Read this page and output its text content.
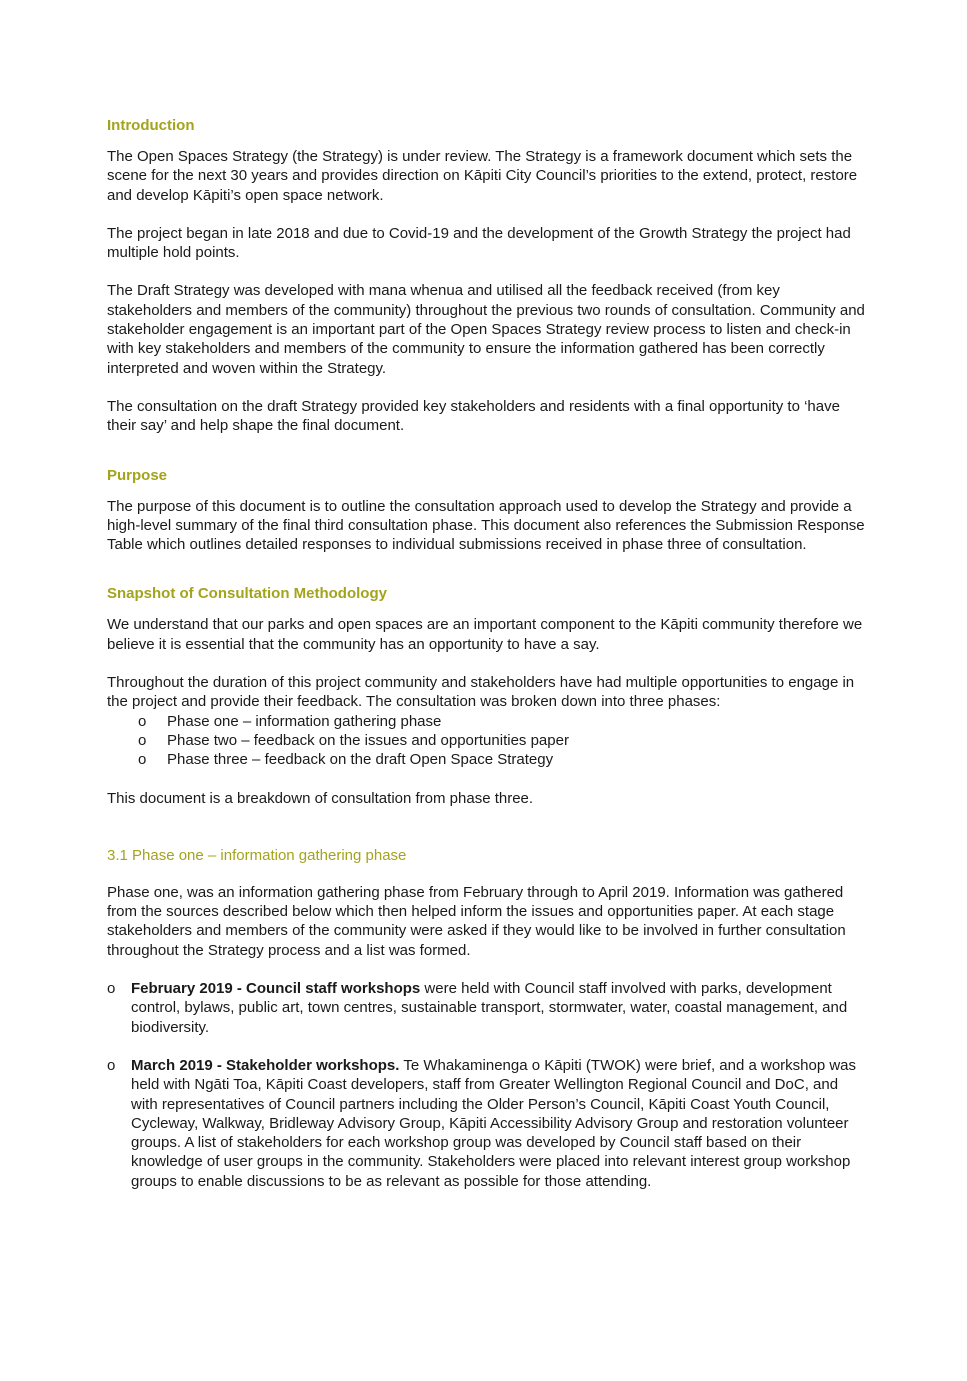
Introduction

The Open Spaces Strategy (the Strategy) is under review. The Strategy is a framework document which sets the scene for the next 30 years and provides direction on Kāpiti City Council’s priorities to the extend, protect, restore and develop Kāpiti’s open space network.

The project began in late 2018 and due to Covid-19 and the development of the Growth Strategy the project had multiple hold points.

The Draft Strategy was developed with mana whenua and utilised all the feedback received (from key stakeholders and members of the community) throughout the previous two rounds of consultation. Community and stakeholder engagement is an important part of the Open Spaces Strategy review process to listen and check-in with key stakeholders and members of the community to ensure the information gathered has been correctly interpreted and woven within the Strategy.

The consultation on the draft Strategy provided key stakeholders and residents with a final opportunity to ‘have their say’ and help shape the final document.

Purpose

The purpose of this document is to outline the consultation approach used to develop the Strategy and provide a high-level summary of the final third consultation phase. This document also references the Submission Response Table which outlines detailed responses to individual submissions received in phase three of consultation.

Snapshot of Consultation Methodology

We understand that our parks and open spaces are an important component to the Kāpiti community therefore we believe it is essential that the community has an opportunity to have a say.

Throughout the duration of this project community and stakeholders have had multiple opportunities to engage in the project and provide their feedback. The consultation was broken down into three phases:

o Phase one – information gathering phase
o Phase two – feedback on the issues and opportunities paper
o Phase three – feedback on the draft Open Space Strategy

This document is a breakdown of consultation from phase three.

3.1 Phase one – information gathering phase

Phase one, was an information gathering phase from February through to April 2019. Information was gathered from the sources described below which then helped inform the issues and opportunities paper. At each stage stakeholders and members of the community were asked if they would like to be involved in further consultation throughout the Strategy process and a list was formed.

o February 2019 - Council staff workshops were held with Council staff involved with parks, development control, bylaws, public art, town centres, sustainable transport, stormwater, water, coastal management, and biodiversity.
o March 2019 - Stakeholder workshops. Te Whakaminenga o Kāpiti (TWOK) were brief, and a workshop was held with Ngāti Toa, Kāpiti Coast developers, staff from Greater Wellington Regional Council and DoC, and with representatives of Council partners including the Older Person’s Council, Kāpiti Coast Youth Council, Cycleway, Walkway, Bridleway Advisory Group, Kāpiti Accessibility Advisory Group and restoration volunteer groups. A list of stakeholders for each workshop group was developed by Council staff based on their knowledge of user groups in the community. Stakeholders were placed into relevant interest group workshop groups to enable discussions to be as relevant as possible for those attending.
